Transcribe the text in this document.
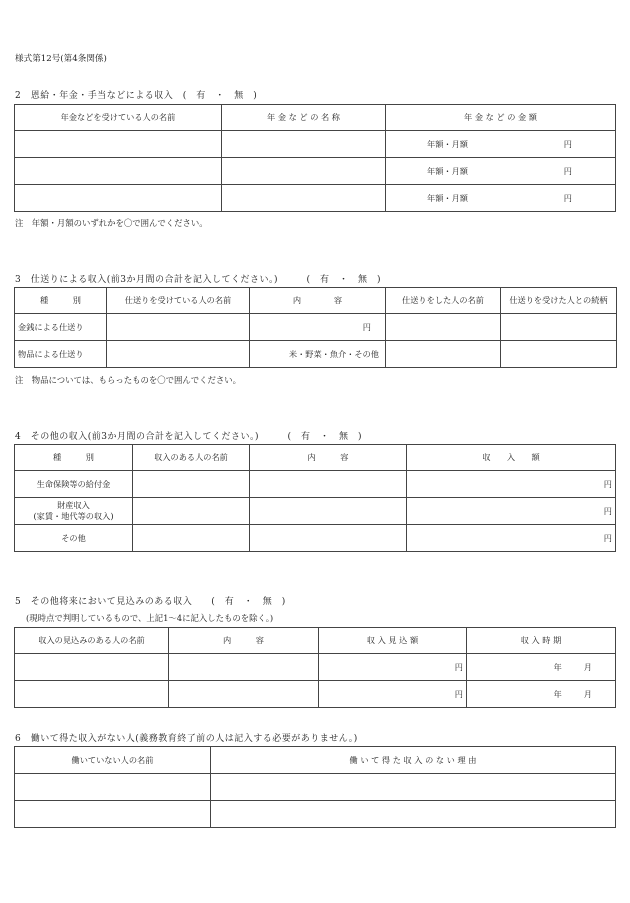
様式第12号(第4条関係)
2　恩給・年金・手当などによる収入　(　有　・　無　)
年金などを受けている人の名前	年 金 な ど の 名 称	年 金 な ど の 金 額

		年額・月額 円

		年額・月額 円

		年額・月額 円
注　年額・月額のいずれかを〇で囲んでください。
3　仕送りによる収入(前3か月間の合計を記入してください。)　　　(　有　・　無　)
種　　　別	仕送りを受けている人の名前	内　　　　容	仕送りをした人の名前	仕送りを受けた人との続柄
金銭による仕送り		円		
物品による仕送り		米・野菜・魚介・その他		
注　物品については、もらったものを〇で囲んでください。
4　その他の収入(前3か月間の合計を記入してください。)　　　(　有　・　無　)
種　　　別	収入のある人の名前	内　　　容	収　　入　　額
生命保険等の給付金			円

財産収入
(家賃・地代等の収入)			円
その他			円
5　その他将来において見込みのある収入　　(　有　・　無　)
(現時点で判明しているもので、上記1～4に記入したものを除く。)
収入の見込みのある人の名前	内　　　容	収 入 見 込 額	収 入 時 期
		円	年 月

		円	年 月
6　働いて得た収入がない人(義務教育終了前の人は記入する必要がありません。)
働いていない人の名前	働 い て 得 た 収 入 の な い 理 由
